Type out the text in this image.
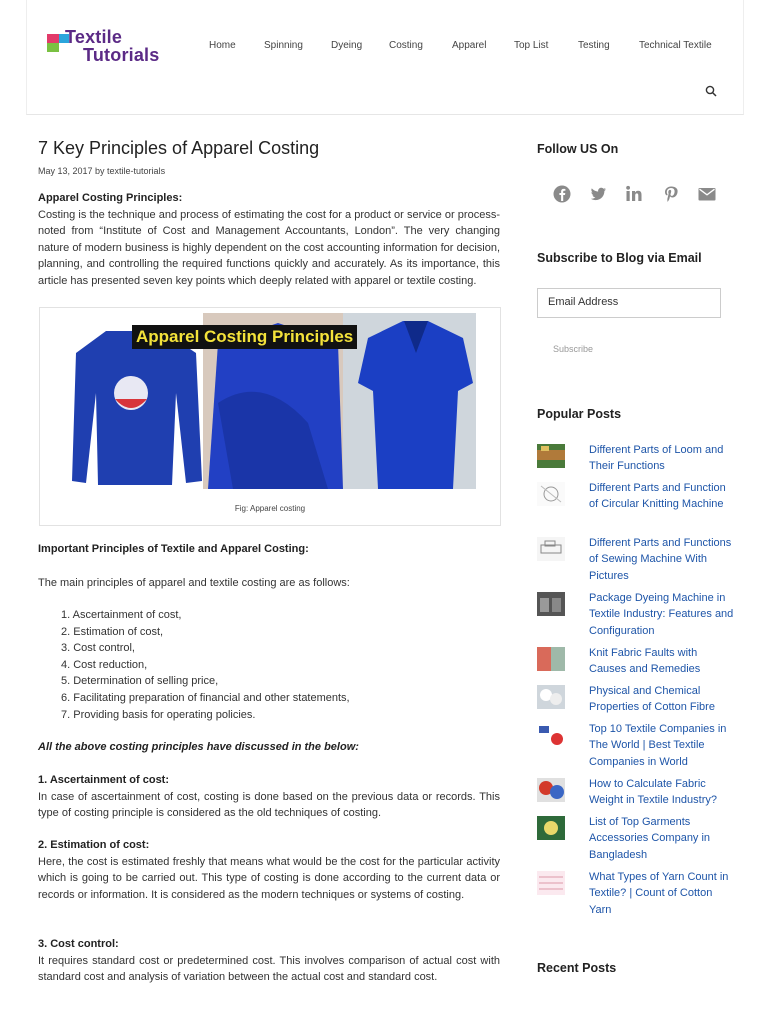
Textile
Tutorials	Home	Spinning	Dyeing	Costing	Apparel	Top List	Testing	Technical Textile
7 Key Principles of Apparel Costing
May 13, 2017 by textile-tutorials
Apparel Costing Principles:
Costing is the technique and process of estimating the cost for a product or service or process- noted from “Institute of Cost and Management Accountants, London”. The very changing nature of modern business is highly dependent on the cost accounting information for decision, planning, and controlling the required functions quickly and accurately. As its importance, this article has presented seven key points which deeply related with apparel or textile costing.
Apparel Costing Principles
Fig: Apparel costing
Important Principles of Textile and Apparel Costing:
The main principles of apparel and textile costing are as follows:
1. Ascertainment of cost,
2. Estimation of cost,
3. Cost control,
4. Cost reduction,
5. Determination of selling price,
6. Facilitating preparation of financial and other statements,
7. Providing basis for operating policies.
All the above costing principles have discussed in the below:
1. Ascertainment of cost:
In case of ascertainment of cost, costing is done based on the previous data or records. This type of costing principle is considered as the old techniques of costing.
2. Estimation of cost:
Here, the cost is estimated freshly that means what would be the cost for the particular activity which is going to be carried out. This type of costing is done according to the current data or records or information. It is considered as the modern techniques or systems of costing.
3. Cost control:
It requires standard cost or predetermined cost. This involves comparison of actual cost with standard cost and analysis of variation between the actual cost and standard cost.
Follow US On
Subscribe to Blog via Email
Email Address
Subscribe
Popular Posts
Different Parts of Loom and Their Functions
Different Parts and Function of Circular Knitting Machine
Different Parts and Functions of Sewing Machine With Pictures
Package Dyeing Machine in Textile Industry: Features and Configuration
Knit Fabric Faults with Causes and Remedies
Physical and Chemical Properties of Cotton Fibre
Top 10 Textile Companies in The World | Best Textile Companies in World
How to Calculate Fabric Weight in Textile Industry?
List of Top Garments Accessories Company in Bangladesh
What Types of Yarn Count in Textile? | Count of Cotton Yarn
Recent Posts
